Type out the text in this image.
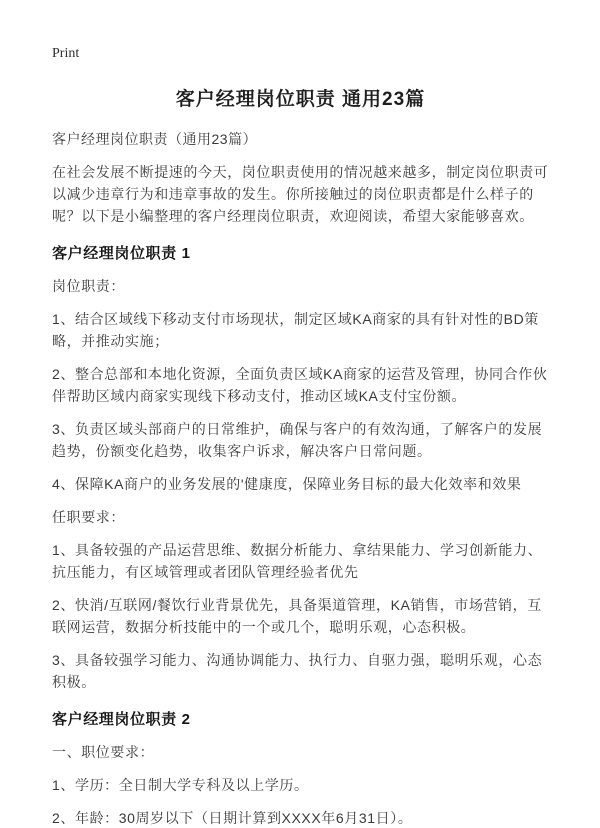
Print
客户经理岗位职责 通用23篇
客户经理岗位职责（通用23篇）

在社会发展不断提速的今天，岗位职责使用的情况越来越多，制定岗位职责可以减少违章行为和违章事故的发生。你所接触过的岗位职责都是什么样子的呢？以下是小编整理的客户经理岗位职责，欢迎阅读，希望大家能够喜欢。

客户经理岗位职责 1

岗位职责：

1、结合区域线下移动支付市场现状，制定区域KA商家的具有针对性的BD策略，并推动实施；

2、整合总部和本地化资源，全面负责区域KA商家的运营及管理，协同合作伙伴帮助区域内商家实现线下移动支付，推动区域KA支付宝份额。

3、负责区域头部商户的日常维护，确保与客户的有效沟通，了解客户的发展趋势，份额变化趋势，收集客户诉求，解决客户日常问题。

4、保障KA商户的业务发展的'健康度，保障业务目标的最大化效率和效果

任职要求：

1、具备较强的产品运营思维、数据分析能力、拿结果能力、学习创新能力、抗压能力，有区域管理或者团队管理经验者优先

2、快消/互联网/餐饮行业背景优先，具备渠道管理，KA销售，市场营销，互联网运营，数据分析技能中的一个或几个，聪明乐观，心态积极。

3、具备较强学习能力、沟通协调能力、执行力、自驱力强，聪明乐观，心态积极。

客户经理岗位职责 2

一、职位要求：

1、学历：全日制大学专科及以上学历。

2、年龄：30周岁以下（日期计算到XXXX年6月31日）。
